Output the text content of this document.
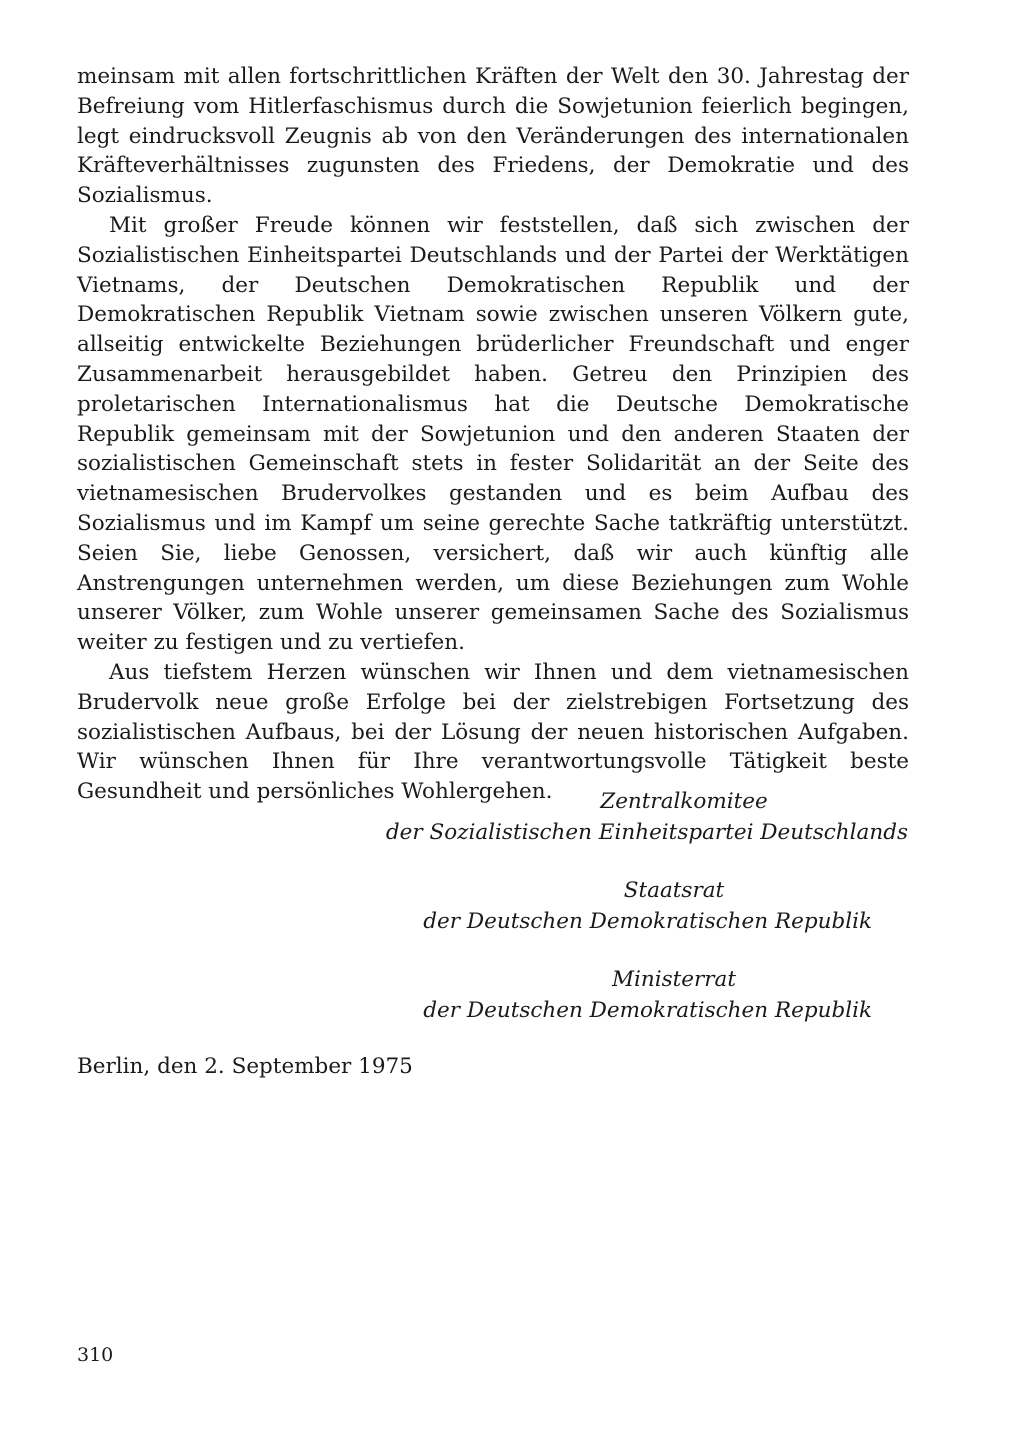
meinsam mit allen fortschrittlichen Kräften der Welt den 30. Jahrestag der Befreiung vom Hitlerfaschismus durch die Sowjetunion feierlich begingen, legt eindrucksvoll Zeugnis ab von den Veränderungen des internationalen Kräfteverhältnisses zugunsten des Friedens, der Demokratie und des Sozialismus.

Mit großer Freude können wir feststellen, daß sich zwischen der Sozialistischen Einheitspartei Deutschlands und der Partei der Werktätigen Vietnams, der Deutschen Demokratischen Republik und der Demokratischen Republik Vietnam sowie zwischen unseren Völkern gute, allseitig entwickelte Beziehungen brüderlicher Freundschaft und enger Zusammenarbeit herausgebildet haben. Getreu den Prinzipien des proletarischen Internationalismus hat die Deutsche Demokratische Republik gemeinsam mit der Sowjetunion und den anderen Staaten der sozialistischen Gemeinschaft stets in fester Solidarität an der Seite des vietnamesischen Brudervolkes gestanden und es beim Aufbau des Sozialismus und im Kampf um seine gerechte Sache tatkräftig unterstützt. Seien Sie, liebe Genossen, versichert, daß wir auch künftig alle Anstrengungen unternehmen werden, um diese Beziehungen zum Wohle unserer Völker, zum Wohle unserer gemeinsamen Sache des Sozialismus weiter zu festigen und zu vertiefen.

Aus tiefstem Herzen wünschen wir Ihnen und dem vietnamesischen Brudervolk neue große Erfolge bei der zielstrebigen Fortsetzung des sozialistischen Aufbaus, bei der Lösung der neuen historischen Aufgaben. Wir wünschen Ihnen für Ihre verantwortungsvolle Tätigkeit beste Gesundheit und persönliches Wohlergehen.	Zentralkomitee
der Sozialistischen Einheitspartei Deutschlands
Staatsrat
der Deutschen Demokratischen Republik
Ministerrat
der Deutschen Demokratischen Republik
Berlin, den 2. September 1975
310
